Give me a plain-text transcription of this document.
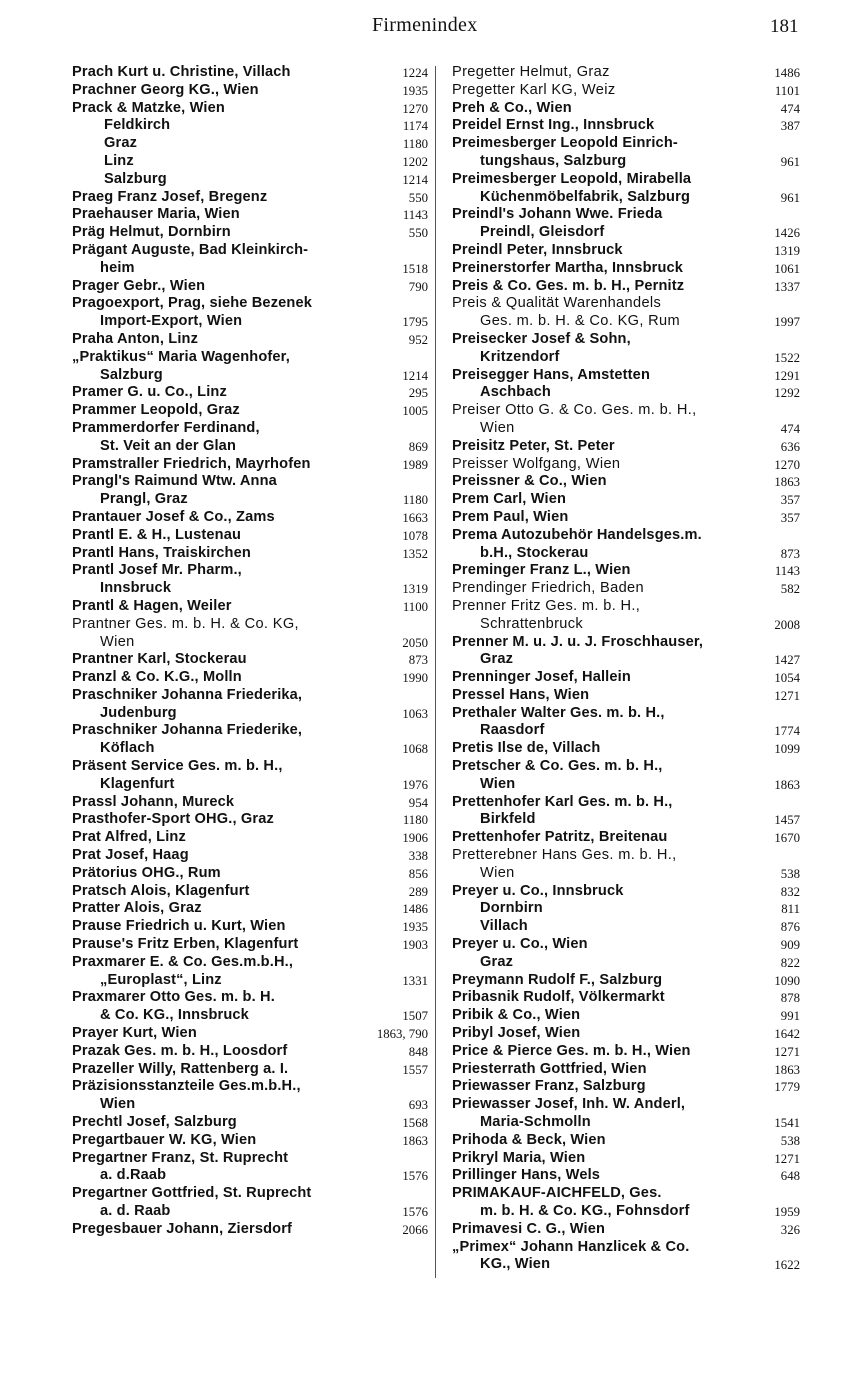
Firmenindex	181
Prach Kurt u. Christine, Villach	1224
Prachner Georg KG., Wien	1935
Prack & Matzke, Wien	1270
Feldkirch	1174
Graz	1180
Linz	1202
Salzburg	1214
Praeg Franz Josef, Bregenz	550
Praehauser Maria, Wien	1143
Präg Helmut, Dornbirn	550
Prägant Auguste, Bad Kleinkirch-
heim	1518
Prager Gebr., Wien	790
Pragoexport, Prag, siehe Bezenek
Import-Export, Wien	1795
Praha Anton, Linz	952
„Praktikus“ Maria Wagenhofer,
Salzburg	1214
Pramer G. u. Co., Linz	295
Prammer Leopold, Graz	1005
Prammerdorfer Ferdinand,
St. Veit an der Glan	869
Pramstraller Friedrich, Mayrhofen	1989
Prangl's Raimund Wtw. Anna
Prangl, Graz	1180
Prantauer Josef & Co., Zams	1663
Prantl E. & H., Lustenau	1078
Prantl Hans, Traiskirchen	1352
Prantl Josef Mr. Pharm.,
Innsbruck	1319
Prantl & Hagen, Weiler	1100
Prantner Ges. m. b. H. & Co. KG,
Wien	2050
Prantner Karl, Stockerau	873
Pranzl & Co. K.G., Molln	1990
Praschniker Johanna Friederika,
Judenburg	1063
Praschniker Johanna Friederike,
Köflach	1068
Präsent Service Ges. m. b. H.,
Klagenfurt	1976
Prassl Johann, Mureck	954
Prasthofer-Sport OHG., Graz	1180
Prat Alfred, Linz	1906
Prat Josef, Haag	338
Prätorius OHG., Rum	856
Pratsch Alois, Klagenfurt	289
Pratter Alois, Graz	1486
Prause Friedrich u. Kurt, Wien	1935
Prause's Fritz Erben, Klagenfurt	1903
Praxmarer E. & Co. Ges.m.b.H.,
„Europlast“, Linz	1331
Praxmarer Otto Ges. m. b. H.
& Co. KG., Innsbruck	1507
Prayer Kurt, Wien	1863, 790
Prazak Ges. m. b. H., Loosdorf	848
Prazeller Willy, Rattenberg a. I.	1557
Präzisionsstanzteile Ges.m.b.H.,
Wien	693
Prechtl Josef, Salzburg	1568
Pregartbauer W. KG, Wien	1863
Pregartner Franz, St. Ruprecht
a. d.Raab	1576
Pregartner Gottfried, St. Ruprecht
a. d. Raab	1576
Pregesbauer Johann, Ziersdorf	2066
Pregetter Helmut, Graz	1486
Pregetter Karl KG, Weiz	1101
Preh & Co., Wien	474
Preidel Ernst Ing., Innsbruck	387
Preimesberger Leopold Einrich-
tungshaus, Salzburg	961
Preimesberger Leopold, Mirabella
Küchenmöbelfabrik, Salzburg	961
Preindl's Johann Wwe. Frieda
Preindl, Gleisdorf	1426
Preindl Peter, Innsbruck	1319
Preinerstorfer Martha, Innsbruck	1061
Preis & Co. Ges. m. b. H., Pernitz	1337
Preis & Qualität Warenhandels
Ges. m. b. H. & Co. KG, Rum	1997
Preisecker Josef & Sohn,
Kritzendorf	1522
Preisegger Hans, Amstetten	1291
Aschbach	1292
Preiser Otto G. & Co. Ges. m. b. H.,
Wien	474
Preisitz Peter, St. Peter	636
Preisser Wolfgang, Wien	1270
Preissner & Co., Wien	1863
Prem Carl, Wien	357
Prem Paul, Wien	357
Prema Autozubehör Handelsges.m.
b.H., Stockerau	873
Preminger Franz L., Wien	1143
Prendinger Friedrich, Baden	582
Prenner Fritz Ges. m. b. H.,
Schrattenbruck	2008
Prenner M. u. J. u. J. Froschhauser,
Graz	1427
Prenninger Josef, Hallein	1054
Pressel Hans, Wien	1271
Prethaler Walter Ges. m. b. H.,
Raasdorf	1774
Pretis Ilse de, Villach	1099
Pretscher & Co. Ges. m. b. H.,
Wien	1863
Prettenhofer Karl Ges. m. b. H.,
Birkfeld	1457
Prettenhofer Patritz, Breitenau	1670
Pretterebner Hans Ges. m. b. H.,
Wien	538
Preyer u. Co., Innsbruck	832
Dornbirn	811
Villach	876
Preyer u. Co., Wien	909
Graz	822
Preymann Rudolf F., Salzburg	1090
Pribasnik Rudolf, Völkermarkt	878
Pribik & Co., Wien	991
Pribyl Josef, Wien	1642
Price & Pierce Ges. m. b. H., Wien	1271
Priesterrath Gottfried, Wien	1863
Priewasser Franz, Salzburg	1779
Priewasser Josef, Inh. W. Anderl,
Maria-Schmolln	1541
Prihoda & Beck, Wien	538
Prikryl Maria, Wien	1271
Prillinger Hans, Wels	648
PRIMAKAUF-AICHFELD, Ges.
m. b. H. & Co. KG., Fohnsdorf	1959
Primavesi C. G., Wien	326
„Primex“ Johann Hanzlicek & Co.
KG., Wien	1622
